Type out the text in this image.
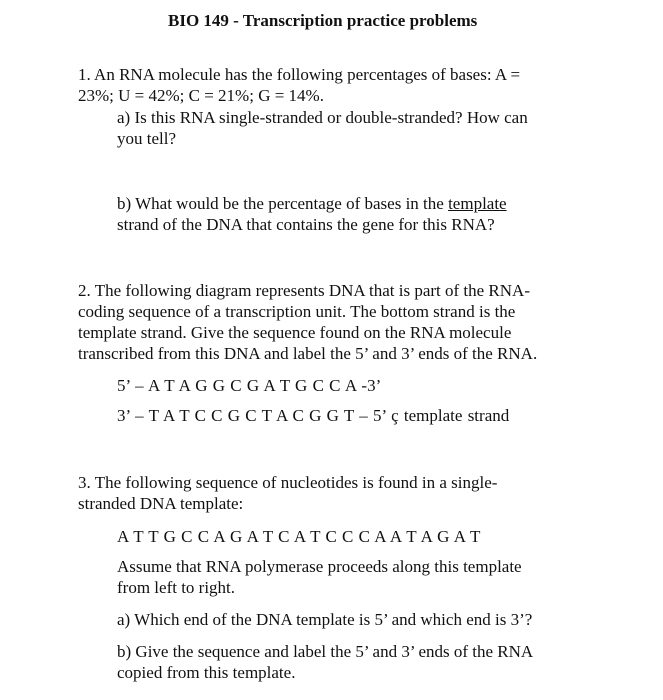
BIO 149 - Transcription practice problems
1. An RNA molecule has the following percentages of bases: A =
23%; U = 42%; C = 21%; G = 14%.
a) Is this RNA single-stranded or double-stranded? How can
you tell?
b) What would be the percentage of bases in the template
strand of the DNA that contains the gene for this RNA?
2. The following diagram represents DNA that is part of the RNA-
coding sequence of a transcription unit. The bottom strand is the
template strand. Give the sequence found on the RNA molecule
transcribed from this DNA and label the 5’ and 3’ ends of the RNA.
5’ – A T A G G C G A T G C C A -3’
3’ – T A T C C G C T A C G G T – 5’ ç template strand
3. The following sequence of nucleotides is found in a single-
stranded DNA template:
A T T G C C A G A T C A T C C C A A T A G A T
Assume that RNA polymerase proceeds along this template
from left to right.
a) Which end of the DNA template is 5’ and which end is 3’?
b) Give the sequence and label the 5’ and 3’ ends of the RNA
copied from this template.
